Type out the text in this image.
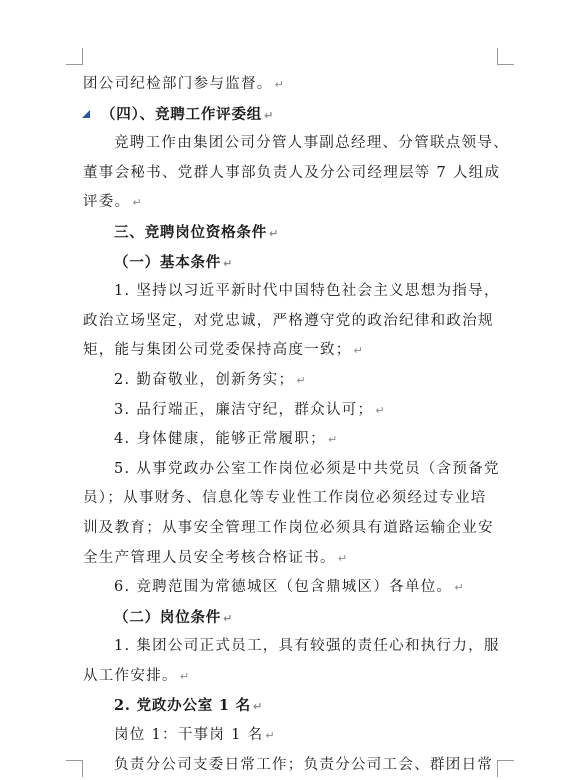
团公司纪检部门参与监督。 ↵
（四）、竞聘工作评委组 ↵
竞聘工作由集团公司分管人事副总经理、分管联点领导、
董事会秘书、党群人事部负责人及分公司经理层等 7 人组成
评委。 ↵
三、竞聘岗位资格条件 ↵
（一）基本条件 ↵
1. 坚持以习近平新时代中国特色社会主义思想为指导，
政治立场坚定，对党忠诚，严格遵守党的政治纪律和政治规
矩，能与集团公司党委保持高度一致； ↵
2. 勤奋敬业，创新务实； ↵
3. 品行端正，廉洁守纪，群众认可； ↵
4. 身体健康，能够正常履职； ↵
5. 从事党政办公室工作岗位必须是中共党员（含预备党
员）；从事财务、信息化等专业性工作岗位必须经过专业培
训及教育；从事安全管理工作岗位必须具有道路运输企业安
全生产管理人员安全考核合格证书。 ↵
6. 竞聘范围为常德城区（包含鼎城区）各单位。 ↵
（二）岗位条件 ↵
1. 集团公司正式员工，具有较强的责任心和执行力，服
从工作安排。 ↵
2. 党政办公室 1 名 ↵
岗位 1：干事岗 1 名 ↵
负责分公司支委日常工作；负责分公司工会、群团日常
